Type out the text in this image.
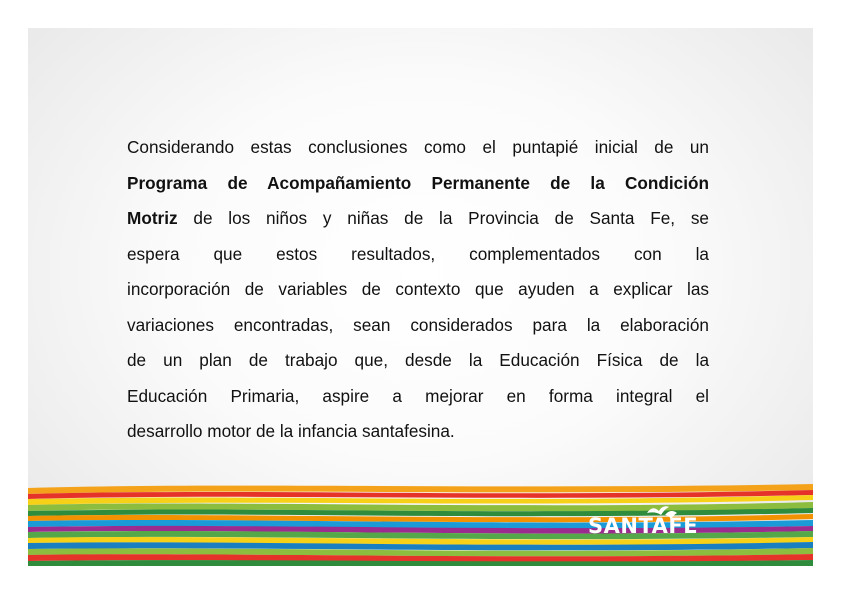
Considerando estas conclusiones como el puntapié inicial de un
Programa de Acompañamiento Permanente de la Condición
Motriz de los niños y niñas de la Provincia de Santa Fe, se
espera que estos resultados, complementados con la
incorporación de variables de contexto que ayuden a explicar las
variaciones encontradas, sean considerados para la elaboración
de un plan de trabajo que, desde la Educación Física de la
Educación Primaria, aspire a mejorar en forma integral el
desarrollo motor de la infancia santafesina.
SANTAFE
